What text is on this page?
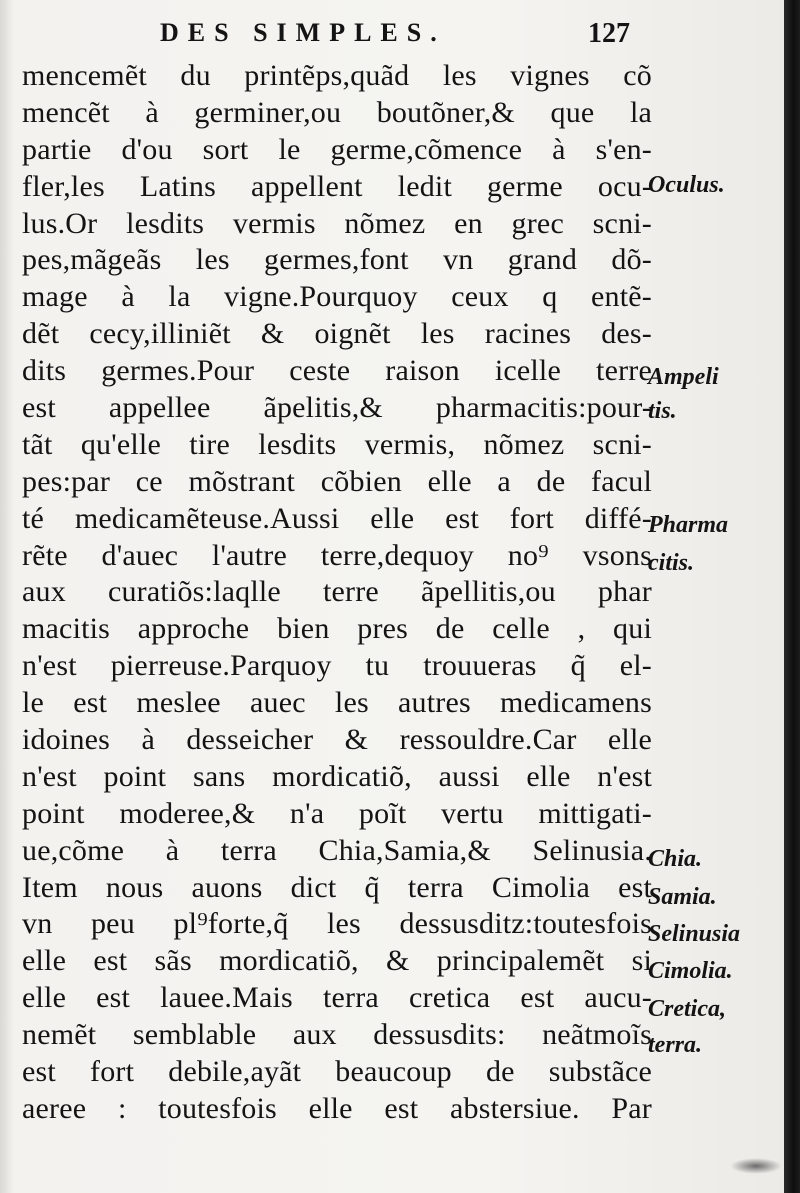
DES SIMPLES.	127
mencemẽt du printẽps,quãd les vignes cõ
mencẽt à germiner,ou boutõner,& que la
partie d'ou sort le germe,cõmence à s'en-
fler,les Latins appellent ledit germe ocu-
lus.Or lesdits vermis nõmez en grec scni-
pes,mãgeãs les germes,font vn grand dõ-
mage à la vigne.Pourquoy ceux q entẽ-
dẽt cecy,illiniẽt & oignẽt les racines des-
dits germes.Pour ceste raison icelle terre
est appellee ãpelitis,& pharmacitis:pour-
tãt qu'elle tire lesdits vermis, nõmez scni-
pes:par ce mõstrant cõbien elle a de facul
té medicamẽteuse.Aussi elle est fort diffé-
rẽte d'auec l'autre terre,dequoy no⁹ vsons
aux curatiõs:laqlle terre ãpellitis,ou phar
macitis approche bien pres de celle , qui
n'est pierreuse.Parquoy tu trouueras q̃ el-
le est meslee auec les autres medicamens
idoines à desseicher & ressouldre.Car elle
n'est point sans mordicatiõ, aussi elle n'est
point moderee,& n'a poĩt vertu mittigati-
ue,cõme à terra Chia,Samia,& Selinusia.
Item nous auons dict q̃ terra Cimolia est
vn peu pl⁹forte,q̃ les dessusditz:toutesfois
elle est sãs mordicatiõ, & principalemẽt si
elle est lauee.Mais terra cretica est aucu-
nemẽt semblable aux dessusdits: neãtmoĩs
est fort debile,ayãt beaucoup de substãce
aeree : toutesfois elle est abstersiue. Par
Oculus.
Ampeli
tis.
Pharma
citis.
Chia.
Samia.
Selinusia
Cimolia.
Cretica,
terra.
